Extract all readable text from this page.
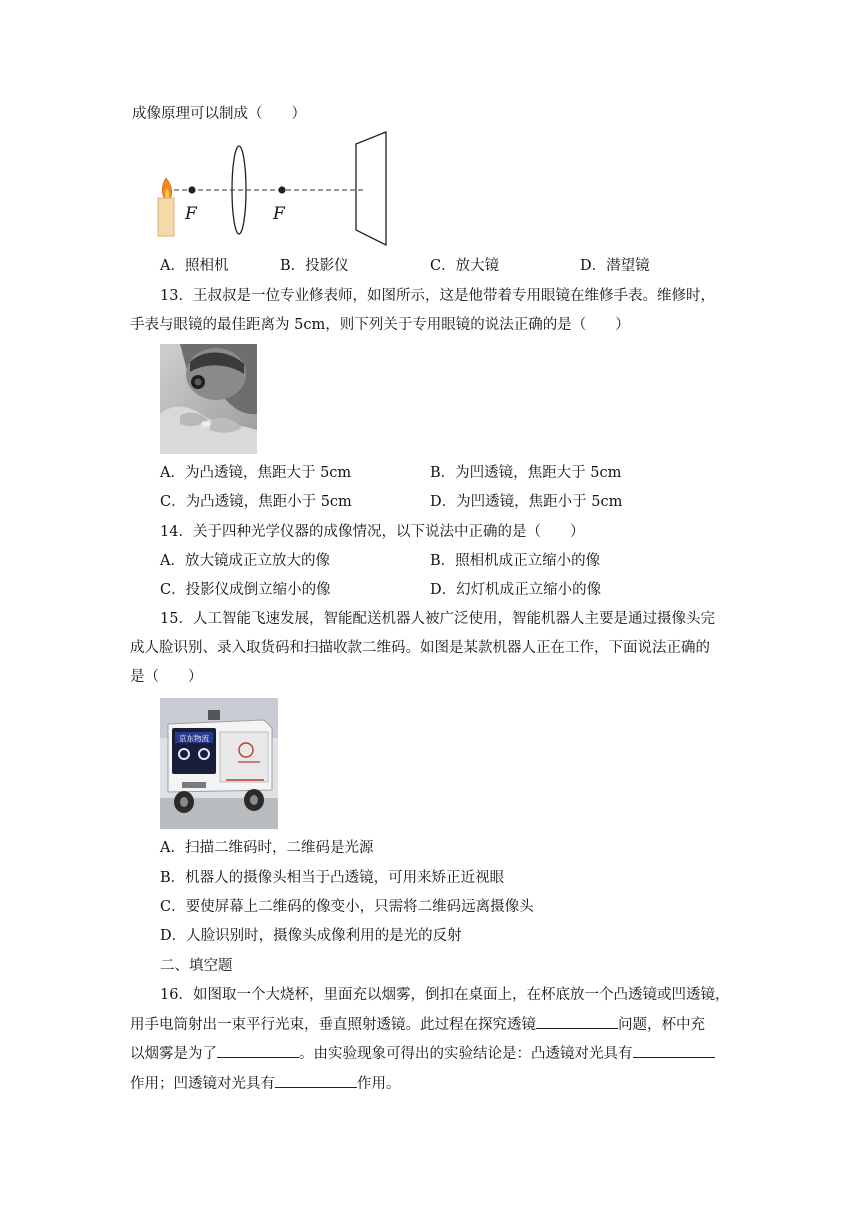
成像原理可以制成（　　）
F	F
A．照相机	B．投影仪	C．放大镜	D．潜望镜
13．王叔叔是一位专业修表师，如图所示，这是他带着专用眼镜在维修手表。维修时，
手表与眼镜的最佳距离为 5cm，则下列关于专用眼镜的说法正确的是（　　）
A．为凸透镜，焦距大于 5cm	B．为凹透镜，焦距大于 5cm
C．为凸透镜，焦距小于 5cm	D．为凹透镜，焦距小于 5cm
14．关于四种光学仪器的成像情况，以下说法中正确的是（　　）
A．放大镜成正立放大的像	B．照相机成正立缩小的像
C．投影仪成倒立缩小的像	D．幻灯机成正立缩小的像
15．人工智能飞速发展，智能配送机器人被广泛使用，智能机器人主要是通过摄像头完
成人脸识别、录入取货码和扫描收款二维码。如图是某款机器人正在工作，下面说法正确的
是（　　）
京东物流
A．扫描二维码时，二维码是光源
B．机器人的摄像头相当于凸透镜，可用来矫正近视眼
C．要使屏幕上二维码的像变小，只需将二维码远离摄像头
D．人脸识别时，摄像头成像利用的是光的反射
二、填空题
16．如图取一个大烧杯，里面充以烟雾，倒扣在桌面上，在杯底放一个凸透镜或凹透镜，
用手电筒射出一束平行光束，垂直照射透镜。此过程在探究透镜	问题，杯中充
以烟雾是为了	。由实验现象可得出的实验结论是：凸透镜对光具有
作用；凹透镜对光具有	作用。
